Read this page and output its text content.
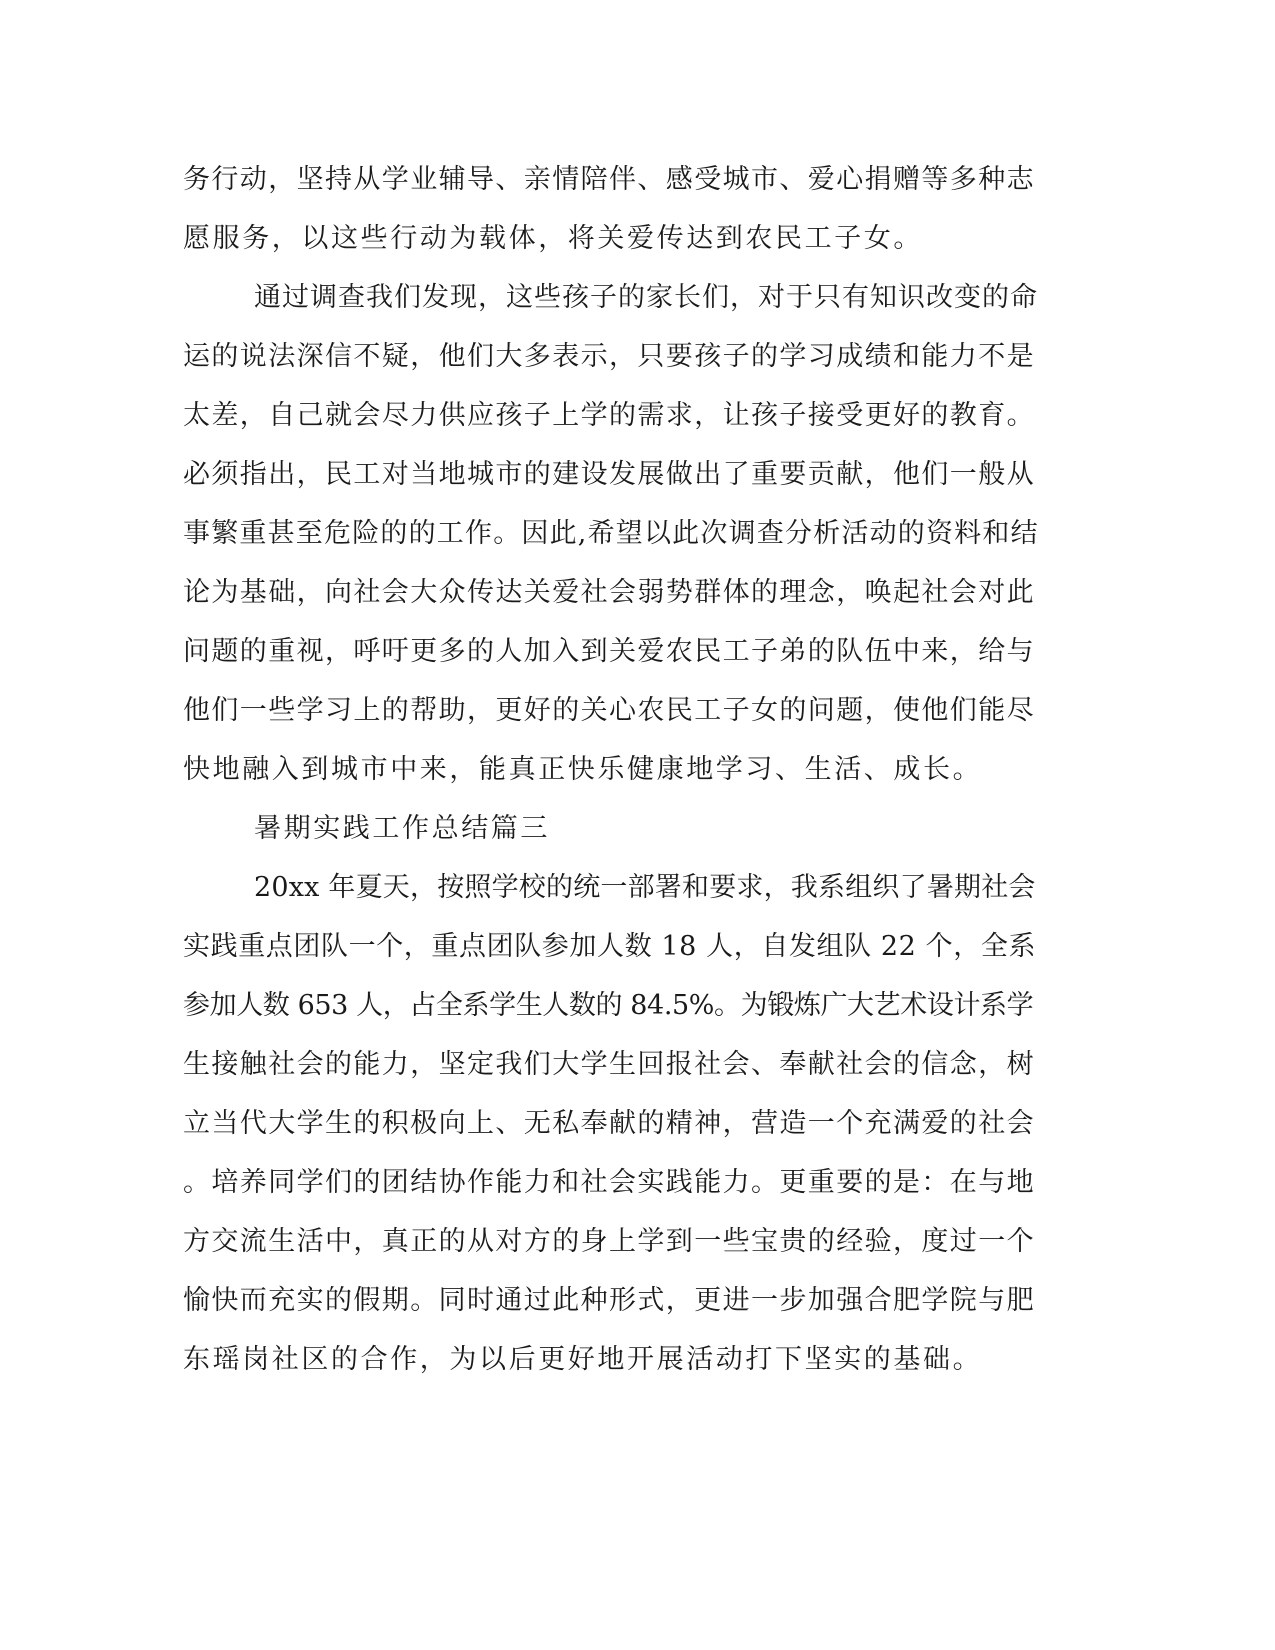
务行动，坚持从学业辅导、亲情陪伴、感受城市、爱心捐赠等多种志
愿服务，以这些行动为载体，将关爱传达到农民工子女。
通过调查我们发现，这些孩子的家长们，对于只有知识改变的命
运的说法深信不疑，他们大多表示，只要孩子的学习成绩和能力不是
太差，自己就会尽力供应孩子上学的需求，让孩子接受更好的教育。
必须指出，民工对当地城市的建设发展做出了重要贡献，他们一般从
事繁重甚至危险的的工作。因此,希望以此次调查分析活动的资料和结
论为基础，向社会大众传达关爱社会弱势群体的理念，唤起社会对此
问题的重视，呼吁更多的人加入到关爱农民工子弟的队伍中来，给与
他们一些学习上的帮助，更好的关心农民工子女的问题，使他们能尽
快地融入到城市中来，能真正快乐健康地学习、生活、成长。
暑期实践工作总结篇三
20xx 年夏天，按照学校的统一部署和要求，我系组织了暑期社会
实践重点团队一个，重点团队参加人数 18 人，自发组队 22 个，全系
参加人数 653 人，占全系学生人数的 84.5%。为锻炼广大艺术设计系学
生接触社会的能力，坚定我们大学生回报社会、奉献社会的信念，树
立当代大学生的积极向上、无私奉献的精神，营造一个充满爱的社会
。培养同学们的团结协作能力和社会实践能力。更重要的是：在与地
方交流生活中，真正的从对方的身上学到一些宝贵的经验，度过一个
愉快而充实的假期。同时通过此种形式，更进一步加强合肥学院与肥
东瑶岗社区的合作，为以后更好地开展活动打下坚实的基础。
